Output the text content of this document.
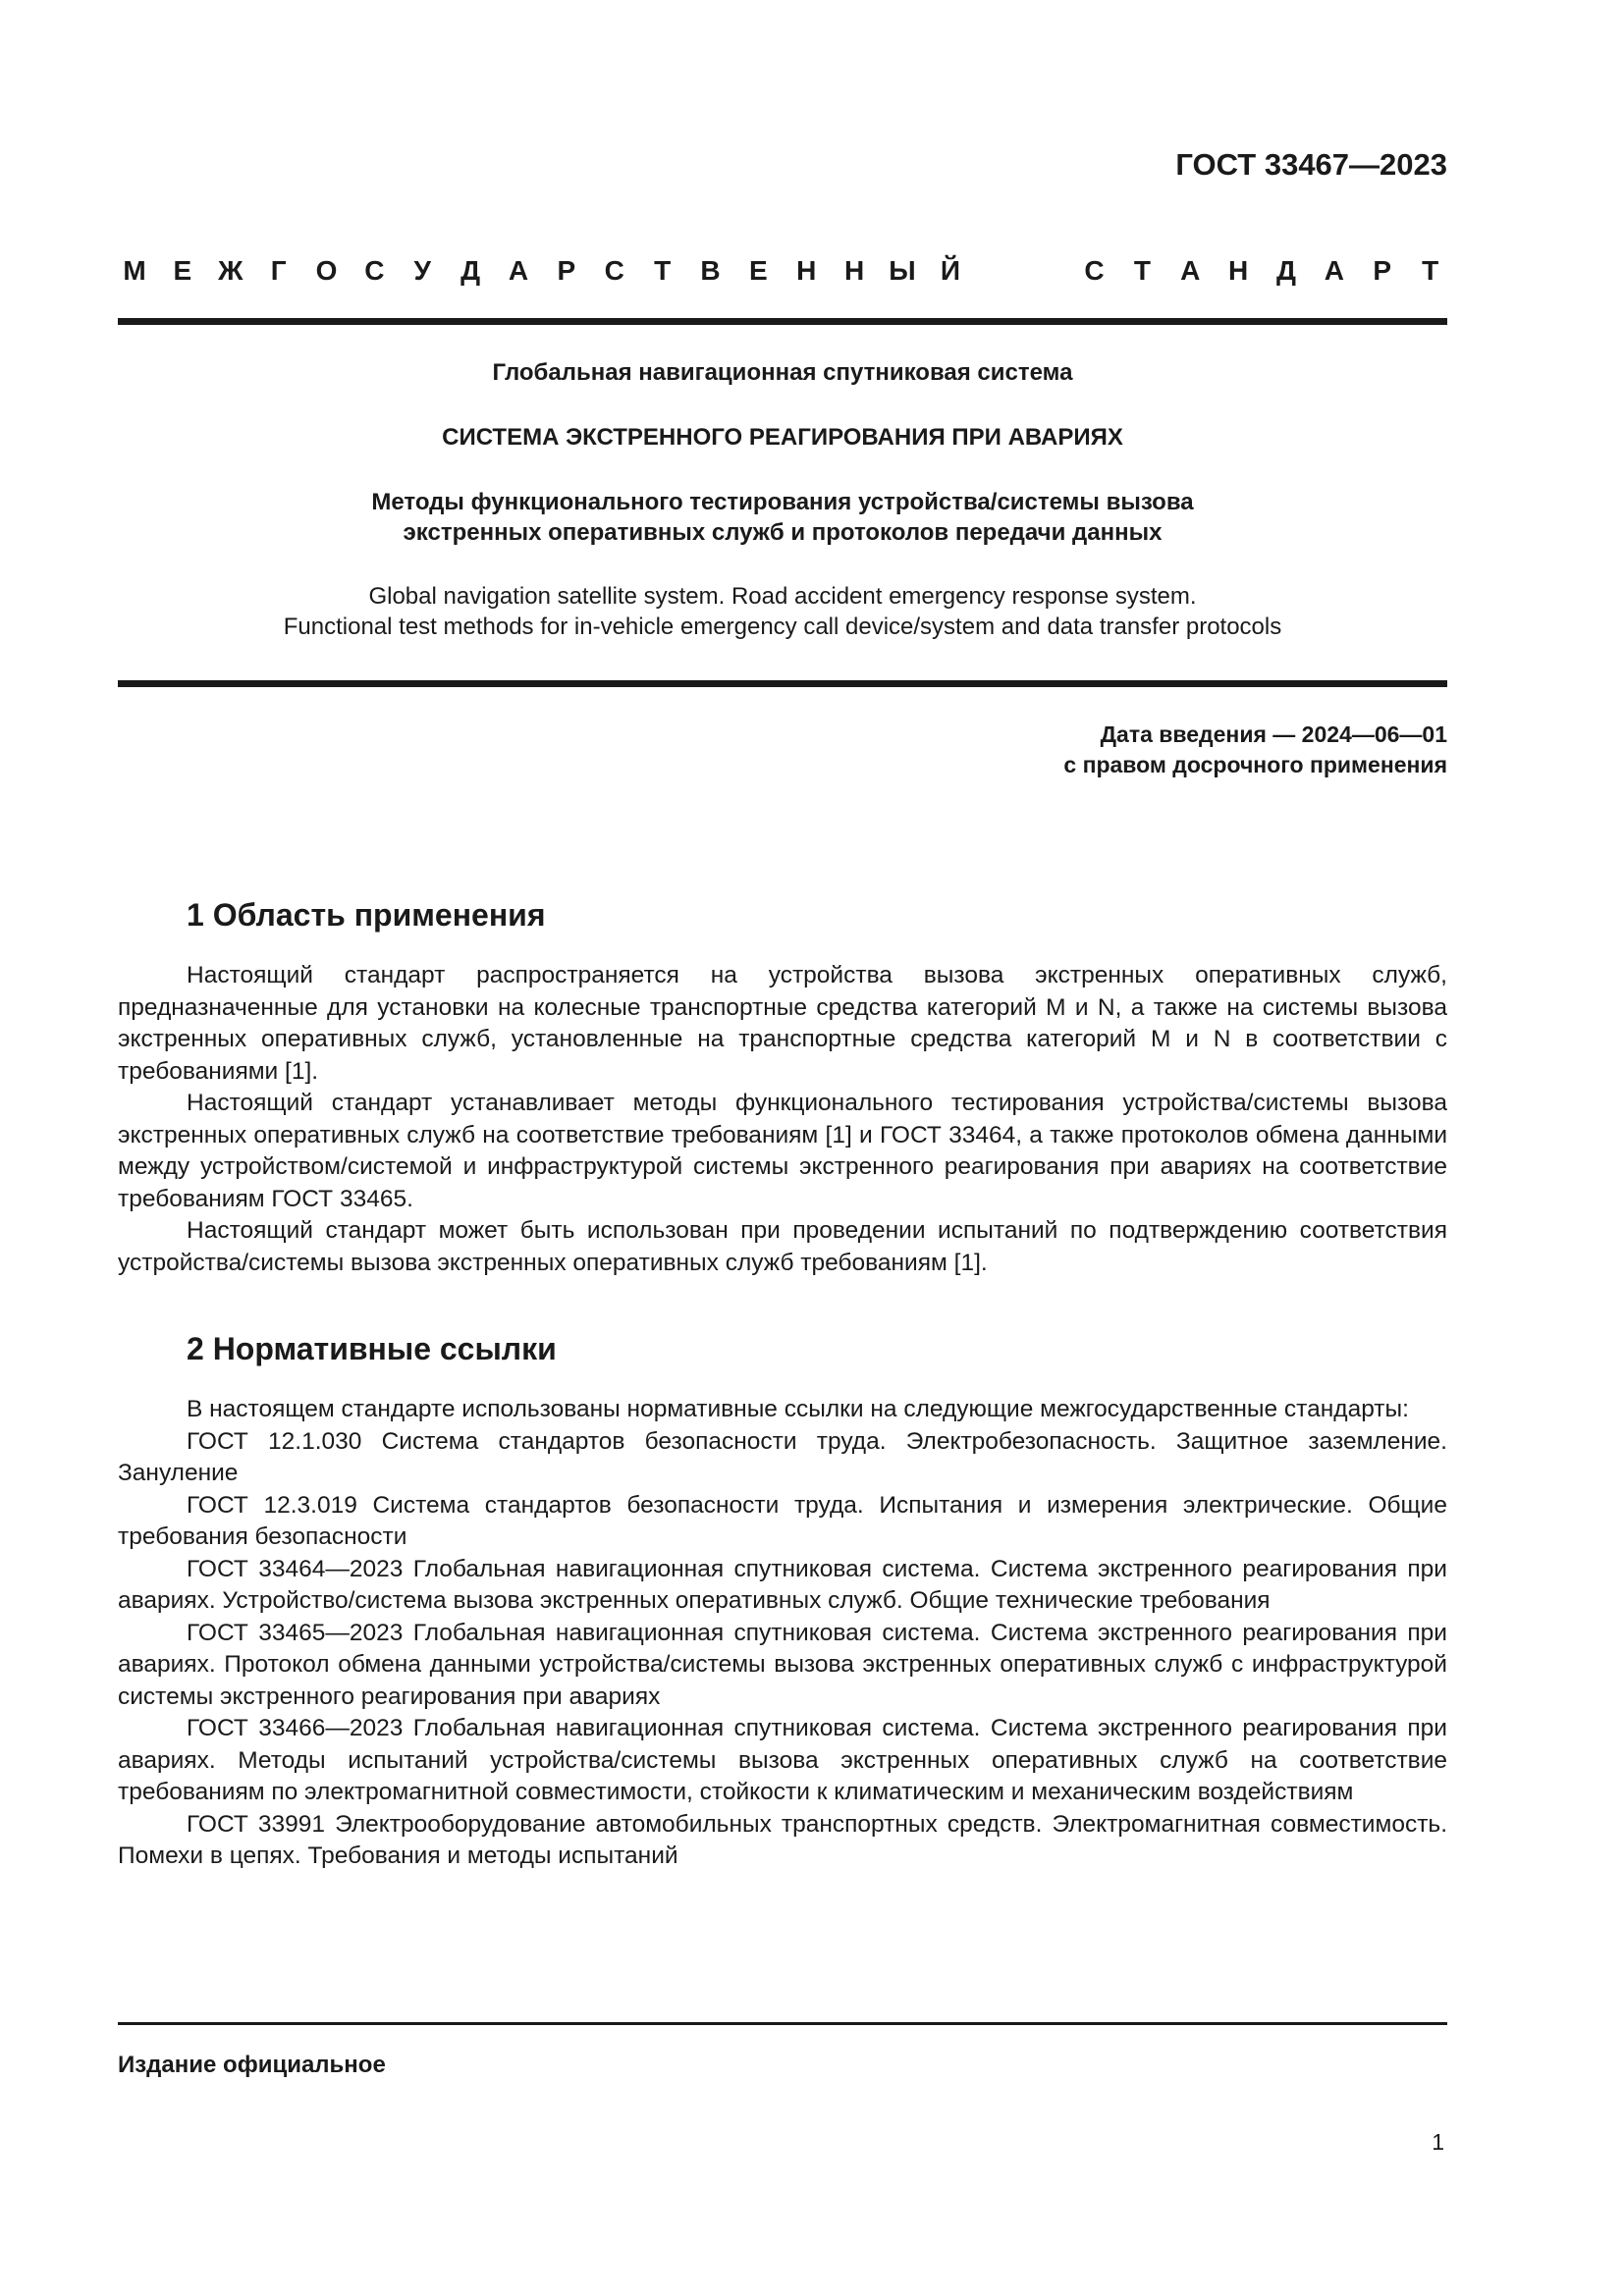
ГОСТ 33467—2023
М Е Ж	Г	О С У Д А Р С	Т	В Е Н Н Ы Й	С	Т	А Н Д А Р	Т
Глобальная навигационная спутниковая система
СИСТЕМА ЭКСТРЕННОГО РЕАГИРОВАНИЯ ПРИ АВАРИЯХ
Методы функционального тестирования устройства/системы вызова
экстренных оперативных служб и протоколов передачи данных
Global navigation satellite system. Road accident emergency response system.
Functional test methods for in-vehicle emergency call device/system and data transfer protocols
Дата введения — 2024—06—01
с правом досрочного применения
1 Область применения

Настоящий стандарт распространяется на устройства вызова экстренных оперативных служб, предназначенные для установки на колесные транспортные средства категорий M и N, а также на системы вызова экстренных оперативных служб, установленные на транспортные средства категорий M и N в соответствии с требованиями [1].

Настоящий стандарт устанавливает методы функционального тестирования устройства/системы вызова экстренных оперативных служб на соответствие требованиям [1] и ГОСТ 33464, а также протоколов обмена данными между устройством/системой и инфраструктурой системы экстренного реагирования при авариях на соответствие требованиям ГОСТ 33465.

Настоящий стандарт может быть использован при проведении испытаний по подтверждению соответствия устройства/системы вызова экстренных оперативных служб требованиям [1].

2 Нормативные ссылки

В настоящем стандарте использованы нормативные ссылки на следующие межгосударственные стандарты:

ГОСТ 12.1.030 Система стандартов безопасности труда. Электробезопасность. Защитное заземление. Зануление

ГОСТ 12.3.019 Система стандартов безопасности труда. Испытания и измерения электрические. Общие требования безопасности

ГОСТ 33464—2023 Глобальная навигационная спутниковая система. Система экстренного реагирования при авариях. Устройство/система вызова экстренных оперативных служб. Общие технические требования

ГОСТ 33465—2023 Глобальная навигационная спутниковая система. Система экстренного реагирования при авариях. Протокол обмена данными устройства/системы вызова экстренных оперативных служб с инфраструктурой системы экстренного реагирования при авариях

ГОСТ 33466—2023 Глобальная навигационная спутниковая система. Система экстренного реагирования при авариях. Методы испытаний устройства/системы вызова экстренных оперативных служб на соответствие требованиям по электромагнитной совместимости, стойкости к климатическим и механическим воздействиям

ГОСТ 33991 Электрооборудование автомобильных транспортных средств. Электромагнитная совместимость. Помехи в цепях. Требования и методы испытаний

Издание официальное
1
